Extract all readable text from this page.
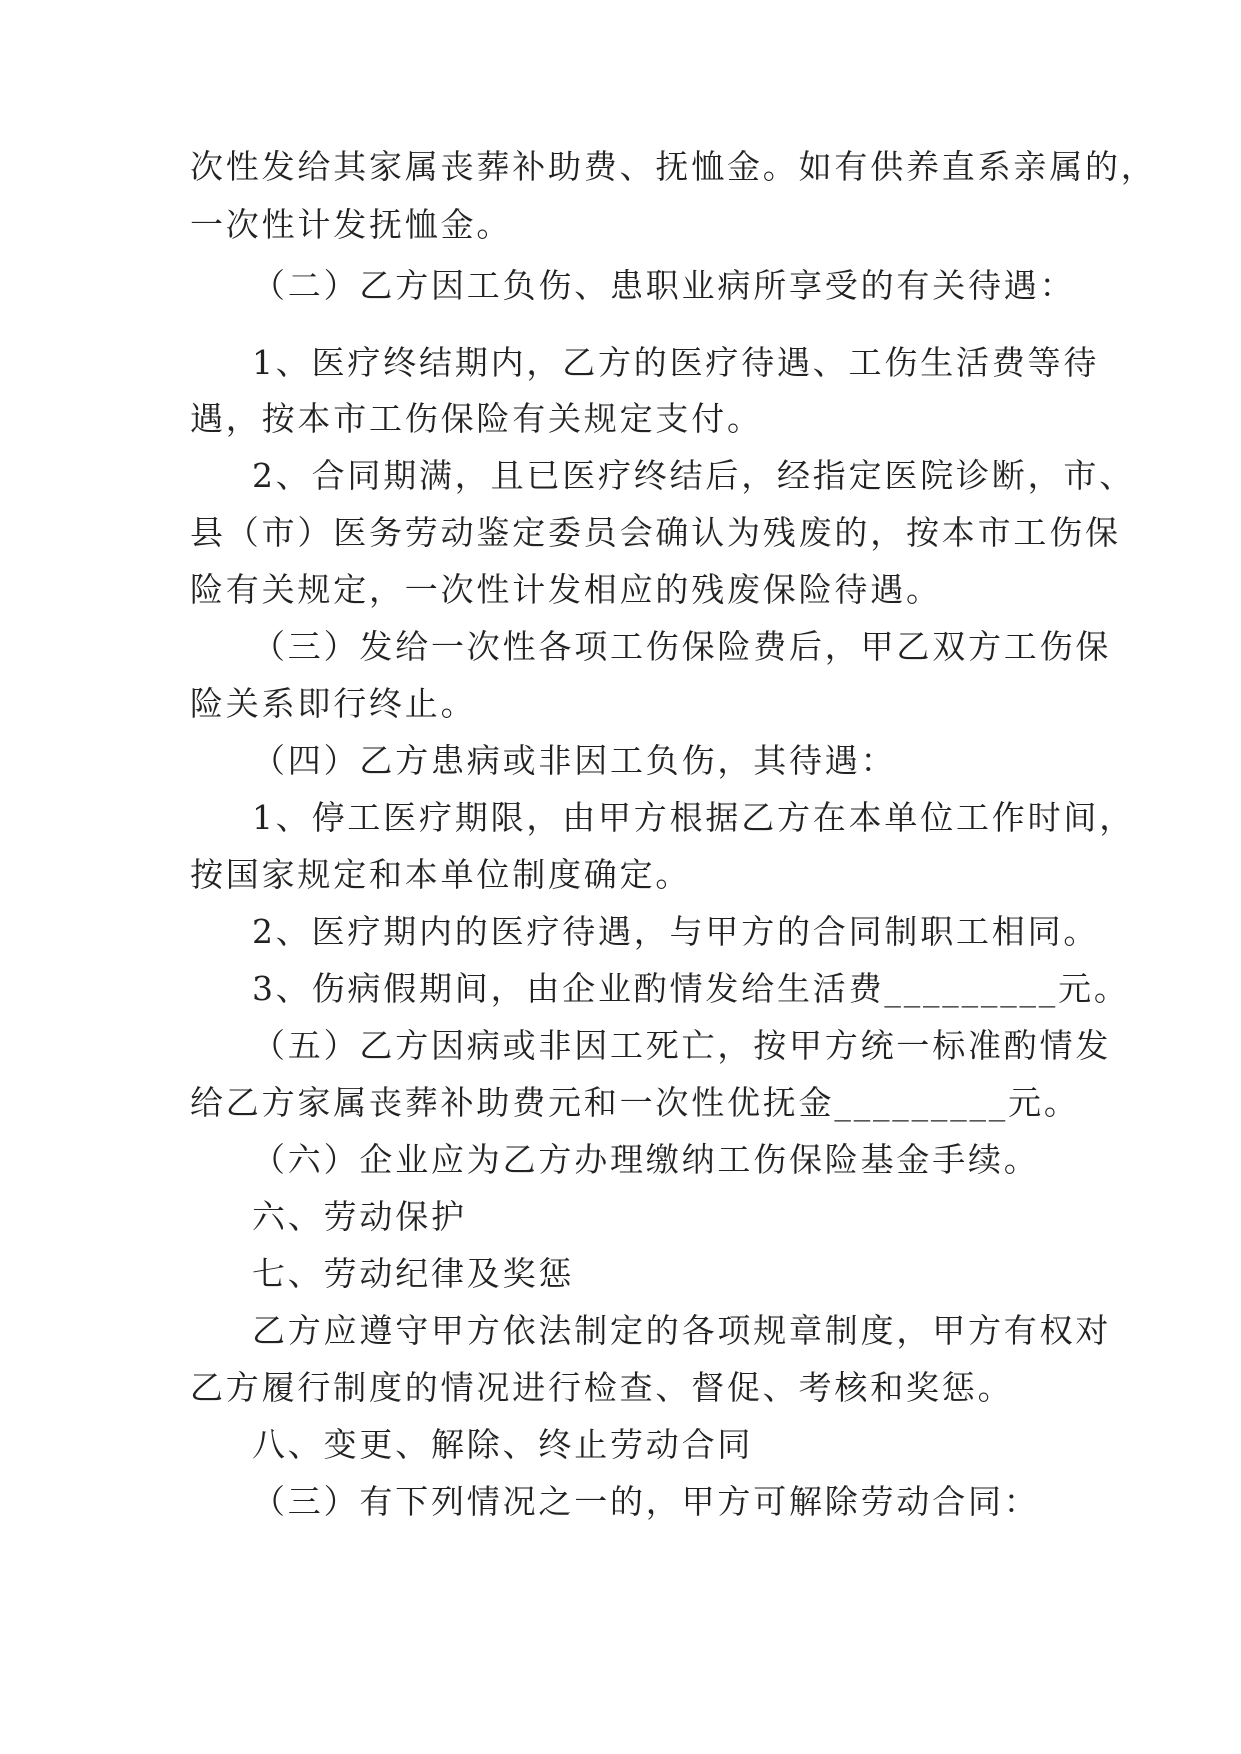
次性发给其家属丧葬补助费、抚恤金。如有供养直系亲属的，
一次性计发抚恤金。
（二）乙方因工负伤、患职业病所享受的有关待遇：
1、医疗终结期内，乙方的医疗待遇、工伤生活费等待
遇，按本市工伤保险有关规定支付。
2、合同期满，且已医疗终结后，经指定医院诊断，市、
县（市）医务劳动鉴定委员会确认为残废的，按本市工伤保
险有关规定，一次性计发相应的残废保险待遇。
（三）发给一次性各项工伤保险费后，甲乙双方工伤保
险关系即行终止。
（四）乙方患病或非因工负伤，其待遇：
1、停工医疗期限，由甲方根据乙方在本单位工作时间，
按国家规定和本单位制度确定。
2、医疗期内的医疗待遇，与甲方的合同制职工相同。
3、伤病假期间，由企业酌情发给生活费_________元。
（五）乙方因病或非因工死亡，按甲方统一标准酌情发
给乙方家属丧葬补助费元和一次性优抚金_________元。
（六）企业应为乙方办理缴纳工伤保险基金手续。
六、劳动保护
七、劳动纪律及奖惩
乙方应遵守甲方依法制定的各项规章制度，甲方有权对
乙方履行制度的情况进行检查、督促、考核和奖惩。
八、变更、解除、终止劳动合同
（三）有下列情况之一的，甲方可解除劳动合同：
